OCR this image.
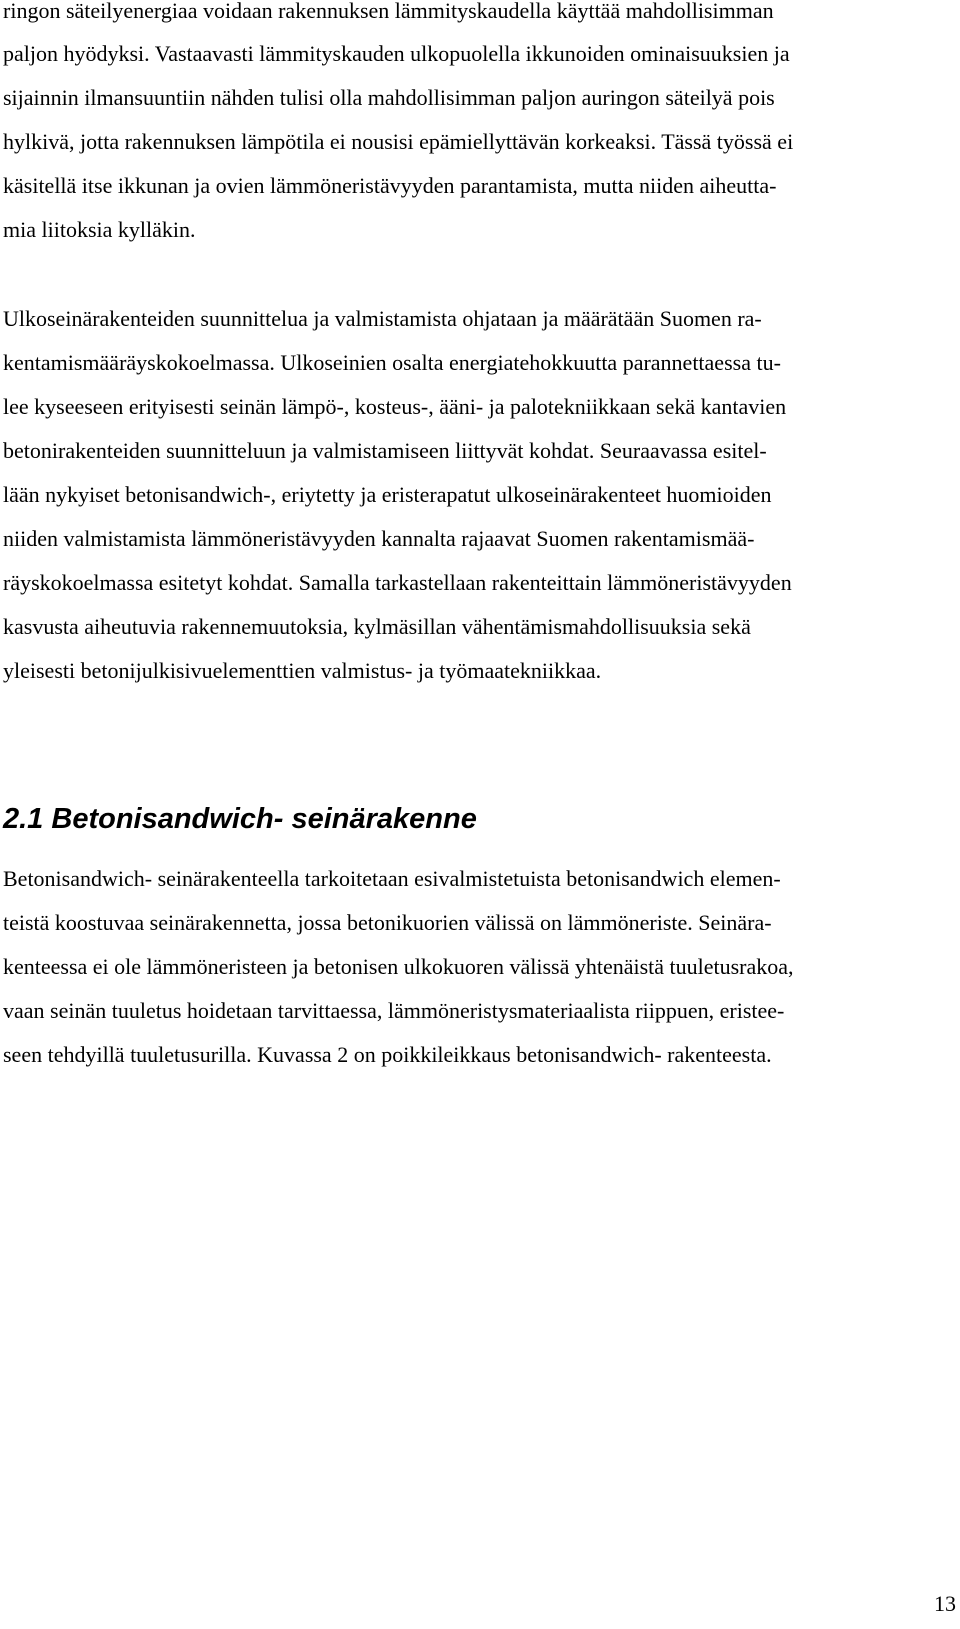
ringon säteilyenergiaa voidaan rakennuksen lämmityskaudella käyttää mahdollisimman
paljon hyödyksi. Vastaavasti lämmityskauden ulkopuolella ikkunoiden ominaisuuksien ja
sijainnin ilmansuuntiin nähden tulisi olla mahdollisimman paljon auringon säteilyä pois
hylkivä, jotta rakennuksen lämpötila ei nousisi epämiellyttävän korkeaksi. Tässä työssä ei
käsitellä itse ikkunan ja ovien lämmöneristävyyden parantamista, mutta niiden aiheutta-
mia liitoksia kylläkin.
Ulkoseinärakenteiden suunnittelua ja valmistamista ohjataan ja määrätään Suomen ra-
kentamismääräyskokoelmassa. Ulkoseinien osalta energiatehokkuutta parannettaessa tu-
lee kyseeseen erityisesti seinän lämpö-, kosteus-, ääni- ja palotekniikkaan sekä kantavien
betonirakenteiden suunnitteluun ja valmistamiseen liittyvät kohdat. Seuraavassa esitel-
lään nykyiset betonisandwich-, eriytetty ja eristerapatut ulkoseinärakenteet huomioiden
niiden valmistamista lämmöneristävyyden kannalta rajaavat Suomen rakentamismää-
räyskokoelmassa esitetyt kohdat. Samalla tarkastellaan rakenteittain lämmöneristävyyden
kasvusta aiheutuvia rakennemuutoksia, kylmäsillan vähentämismahdollisuuksia sekä
yleisesti betonijulkisivuelementtien valmistus- ja työmaatekniikkaa.
2.1 Betonisandwich- seinärakenne
Betonisandwich- seinärakenteella tarkoitetaan esivalmistetuista betonisandwich elemen-
teistä koostuvaa seinärakennetta, jossa betonikuorien välissä on lämmöneriste. Seinära-
kenteessa ei ole lämmöneristeen ja betonisen ulkokuoren välissä yhtenäistä tuuletusrakoa,
vaan seinän tuuletus hoidetaan tarvittaessa, lämmöneristysmateriaalista riippuen, eristee-
seen tehdyillä tuuletusurilla. Kuvassa 2 on poikkileikkaus betonisandwich- rakenteesta.
13
